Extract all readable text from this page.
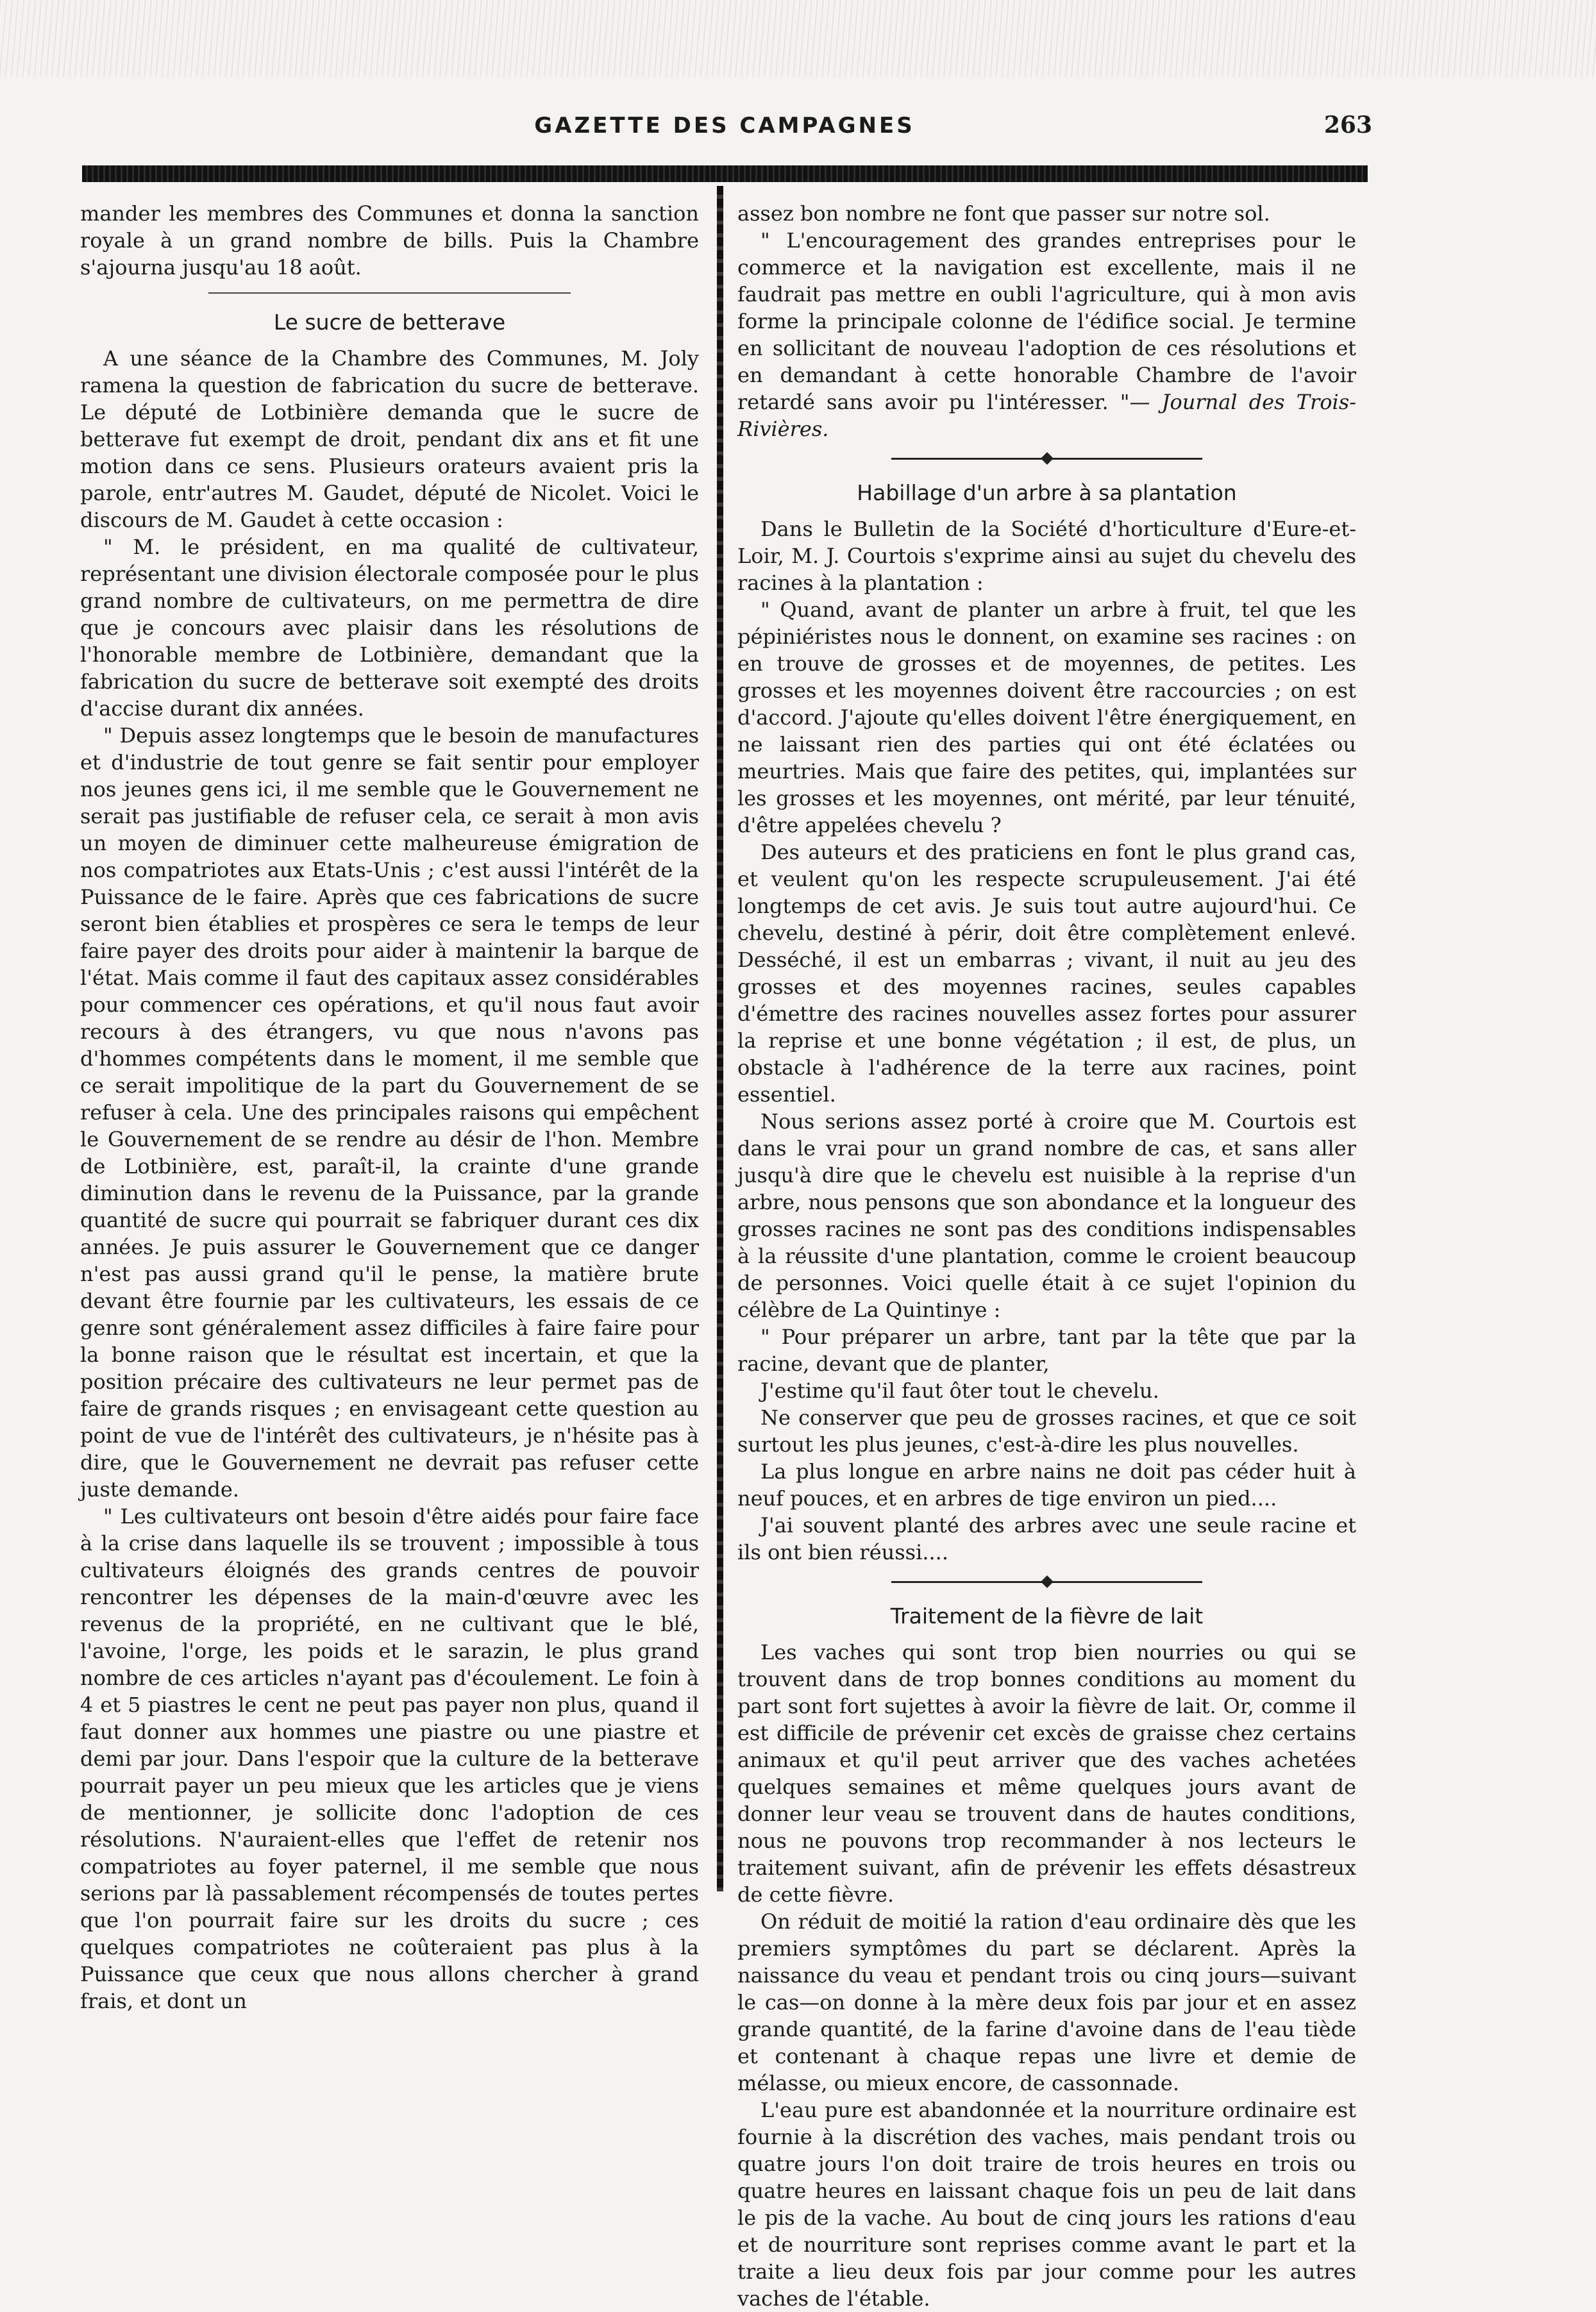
GAZETTE DES CAMPAGNES	263

mander les membres des Communes et donna la sanction royale à un grand nombre de bills. Puis la Chambre s'ajourna jusqu'au 18 août.

Le sucre de betterave

A une séance de la Chambre des Communes, M. Joly ramena la question de fabrication du sucre de betterave. Le député de Lotbinière demanda que le sucre de betterave fut exempt de droit, pendant dix ans et fit une motion dans ce sens. Plusieurs orateurs avaient pris la parole, entr'autres M. Gaudet, député de Nicolet. Voici le discours de M. Gaudet à cette occasion :

" M. le président, en ma qualité de cultivateur, représentant une division électorale composée pour le plus grand nombre de cultivateurs, on me permettra de dire que je concours avec plaisir dans les résolutions de l'honorable membre de Lotbinière, demandant que la fabrication du sucre de betterave soit exempté des droits d'accise durant dix années.

" Depuis assez longtemps que le besoin de manufactures et d'industrie de tout genre se fait sentir pour employer nos jeunes gens ici, il me semble que le Gouvernement ne serait pas justifiable de refuser cela, ce serait à mon avis un moyen de diminuer cette malheureuse émigration de nos compatriotes aux Etats-Unis ; c'est aussi l'intérêt de la Puissance de le faire. Après que ces fabrications de sucre seront bien établies et prospères ce sera le temps de leur faire payer des droits pour aider à maintenir la barque de l'état. Mais comme il faut des capitaux assez considérables pour commencer ces opérations, et qu'il nous faut avoir recours à des étrangers, vu que nous n'avons pas d'hommes compétents dans le moment, il me semble que ce serait impolitique de la part du Gouvernement de se refuser à cela. Une des principales raisons qui empêchent le Gouvernement de se rendre au désir de l'hon. Membre de Lotbinière, est, paraît-il, la crainte d'une grande diminution dans le revenu de la Puissance, par la grande quantité de sucre qui pourrait se fabriquer durant ces dix années. Je puis assurer le Gouvernement que ce danger n'est pas aussi grand qu'il le pense, la matière brute devant être fournie par les cultivateurs, les essais de ce genre sont généralement assez difficiles à faire faire pour la bonne raison que le résultat est incertain, et que la position précaire des cultivateurs ne leur permet pas de faire de grands risques ; en envisageant cette question au point de vue de l'intérêt des cultivateurs, je n'hésite pas à dire, que le Gouvernement ne devrait pas refuser cette juste demande.

" Les cultivateurs ont besoin d'être aidés pour faire face à la crise dans laquelle ils se trouvent ; impossible à tous cultivateurs éloignés des grands centres de pouvoir rencontrer les dépenses de la main-d'œuvre avec les revenus de la propriété, en ne cultivant que le blé, l'avoine, l'orge, les poids et le sarazin, le plus grand nombre de ces articles n'ayant pas d'écoulement. Le foin à 4 et 5 piastres le cent ne peut pas payer non plus, quand il faut donner aux hommes une piastre ou une piastre et demi par jour. Dans l'espoir que la culture de la betterave pourrait payer un peu mieux que les articles que je viens de mentionner, je sollicite donc l'adoption de ces résolutions. N'auraient-elles que l'effet de retenir nos compatriotes au foyer paternel, il me semble que nous serions par là passablement récompensés de toutes pertes que l'on pourrait faire sur les droits du sucre ; ces quelques compatriotes ne coûteraient pas plus à la Puissance que ceux que nous allons chercher à grand frais, et dont un

assez bon nombre ne font que passer sur notre sol.

" L'encouragement des grandes entreprises pour le commerce et la navigation est excellente, mais il ne faudrait pas mettre en oubli l'agriculture, qui à mon avis forme la principale colonne de l'édifice social. Je termine en sollicitant de nouveau l'adoption de ces résolutions et en demandant à cette honorable Chambre de l'avoir retardé sans avoir pu l'intéresser. "— Journal des Trois-Rivières.

Habillage d'un arbre à sa plantation

Dans le Bulletin de la Société d'horticulture d'Eure-et-Loir, M. J. Courtois s'exprime ainsi au sujet du chevelu des racines à la plantation :

" Quand, avant de planter un arbre à fruit, tel que les pépiniéristes nous le donnent, on examine ses racines : on en trouve de grosses et de moyennes, de petites. Les grosses et les moyennes doivent être raccourcies ; on est d'accord. J'ajoute qu'elles doivent l'être énergiquement, en ne laissant rien des parties qui ont été éclatées ou meurtries. Mais que faire des petites, qui, implantées sur les grosses et les moyennes, ont mérité, par leur ténuité, d'être appelées chevelu ?

Des auteurs et des praticiens en font le plus grand cas, et veulent qu'on les respecte scrupuleusement. J'ai été longtemps de cet avis. Je suis tout autre aujourd'hui. Ce chevelu, destiné à périr, doit être complètement enlevé. Desséché, il est un embarras ; vivant, il nuit au jeu des grosses et des moyennes racines, seules capables d'émettre des racines nouvelles assez fortes pour assurer la reprise et une bonne végétation ; il est, de plus, un obstacle à l'adhérence de la terre aux racines, point essentiel.

Nous serions assez porté à croire que M. Courtois est dans le vrai pour un grand nombre de cas, et sans aller jusqu'à dire que le chevelu est nuisible à la reprise d'un arbre, nous pensons que son abondance et la longueur des grosses racines ne sont pas des conditions indispensables à la réussite d'une plantation, comme le croient beaucoup de personnes. Voici quelle était à ce sujet l'opinion du célèbre de La Quintinye :

" Pour préparer un arbre, tant par la tête que par la racine, devant que de planter,

J'estime qu'il faut ôter tout le chevelu.

Ne conserver que peu de grosses racines, et que ce soit surtout les plus jeunes, c'est-à-dire les plus nouvelles.

La plus longue en arbre nains ne doit pas céder huit à neuf pouces, et en arbres de tige environ un pied....

J'ai souvent planté des arbres avec une seule racine et ils ont bien réussi....

Traitement de la fièvre de lait

Les vaches qui sont trop bien nourries ou qui se trouvent dans de trop bonnes conditions au moment du part sont fort sujettes à avoir la fièvre de lait. Or, comme il est difficile de prévenir cet excès de graisse chez certains animaux et qu'il peut arriver que des vaches achetées quelques semaines et même quelques jours avant de donner leur veau se trouvent dans de hautes conditions, nous ne pouvons trop recommander à nos lecteurs le traitement suivant, afin de prévenir les effets désastreux de cette fièvre.

On réduit de moitié la ration d'eau ordinaire dès que les premiers symptômes du part se déclarent. Après la naissance du veau et pendant trois ou cinq jours—suivant le cas—on donne à la mère deux fois par jour et en assez grande quantité, de la farine d'avoine dans de l'eau tiède et contenant à chaque repas une livre et demie de mélasse, ou mieux encore, de cassonnade.

L'eau pure est abandonnée et la nourriture ordinaire est fournie à la discrétion des vaches, mais pendant trois ou quatre jours l'on doit traire de trois heures en trois ou quatre heures en laissant chaque fois un peu de lait dans le pis de la vache. Au bout de cinq jours les rations d'eau et de nourriture sont reprises comme avant le part et la traite a lieu deux fois par jour comme pour les autres vaches de l'étable.
